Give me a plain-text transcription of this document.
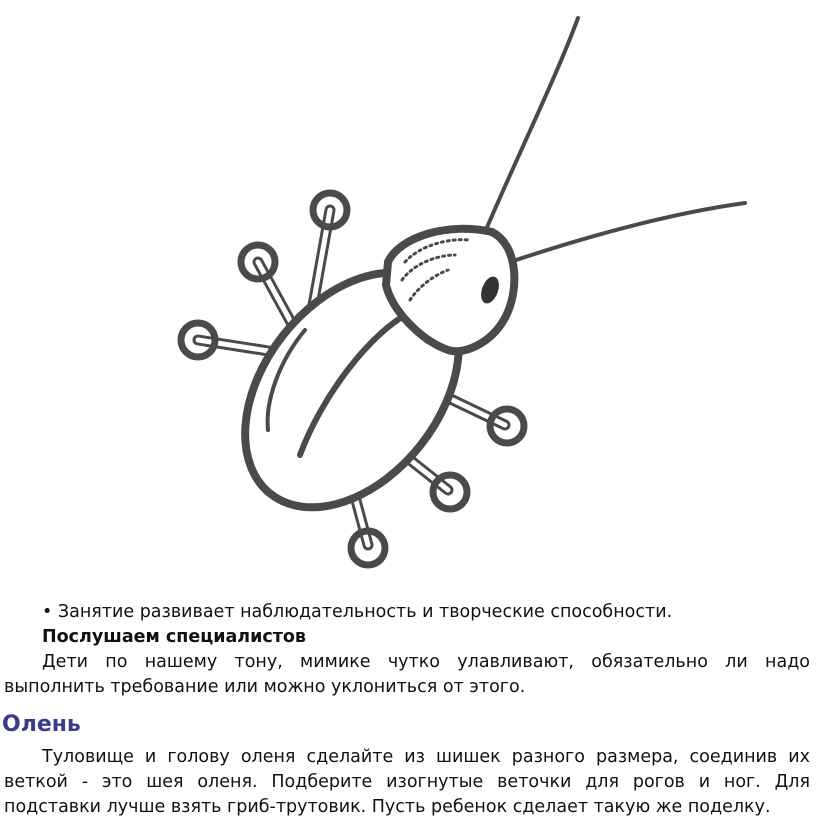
• Занятие развивает наблюдательность и творческие способности.

Послушаем специалистов

Дети по нашему тону, мимике чутко улавливают, обязательно ли надо

выполнить требование или можно уклониться от этого.

Олень

Туловище и голову оленя сделайте из шишек разного размера, соединив их

веткой - это шея оленя. Подберите изогнутые веточки для рогов и ног. Для

подставки лучше взять гриб-трутовик. Пусть ребенок сделает такую же поделку.
